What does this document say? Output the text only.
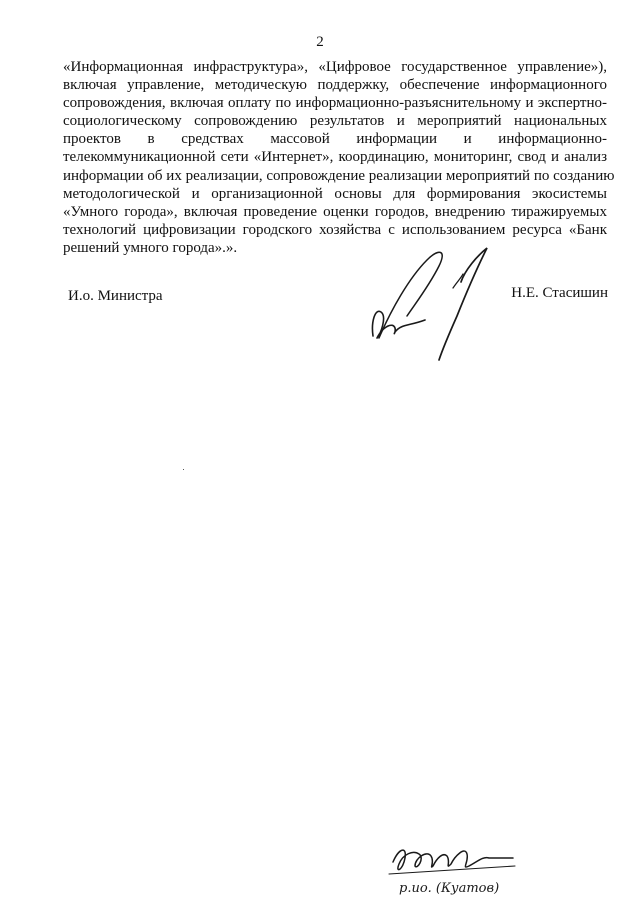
2
«Информационная инфраструктура», «Цифровое государственное управление»),
включая управление, методическую поддержку, обеспечение информационного
сопровождения, включая оплату по информационно-разъяснительному и экспертно-
социологическому сопровождению результатов и мероприятий национальных
проектов в средствах массовой информации и информационно-
телекоммуникационной сети «Интернет», координацию, мониторинг, свод и анализ
информации об их реализации, сопровождение реализации мероприятий по созданию
методологической и организационной основы для формирования экосистемы
«Умного города», включая проведение оценки городов, внедрению тиражируемых
технологий цифровизации городского хозяйства с использованием ресурса «Банк
решений умного города».».
И.о. Министра	Н.Е. Стасишин
р.ио. (Куатов)
